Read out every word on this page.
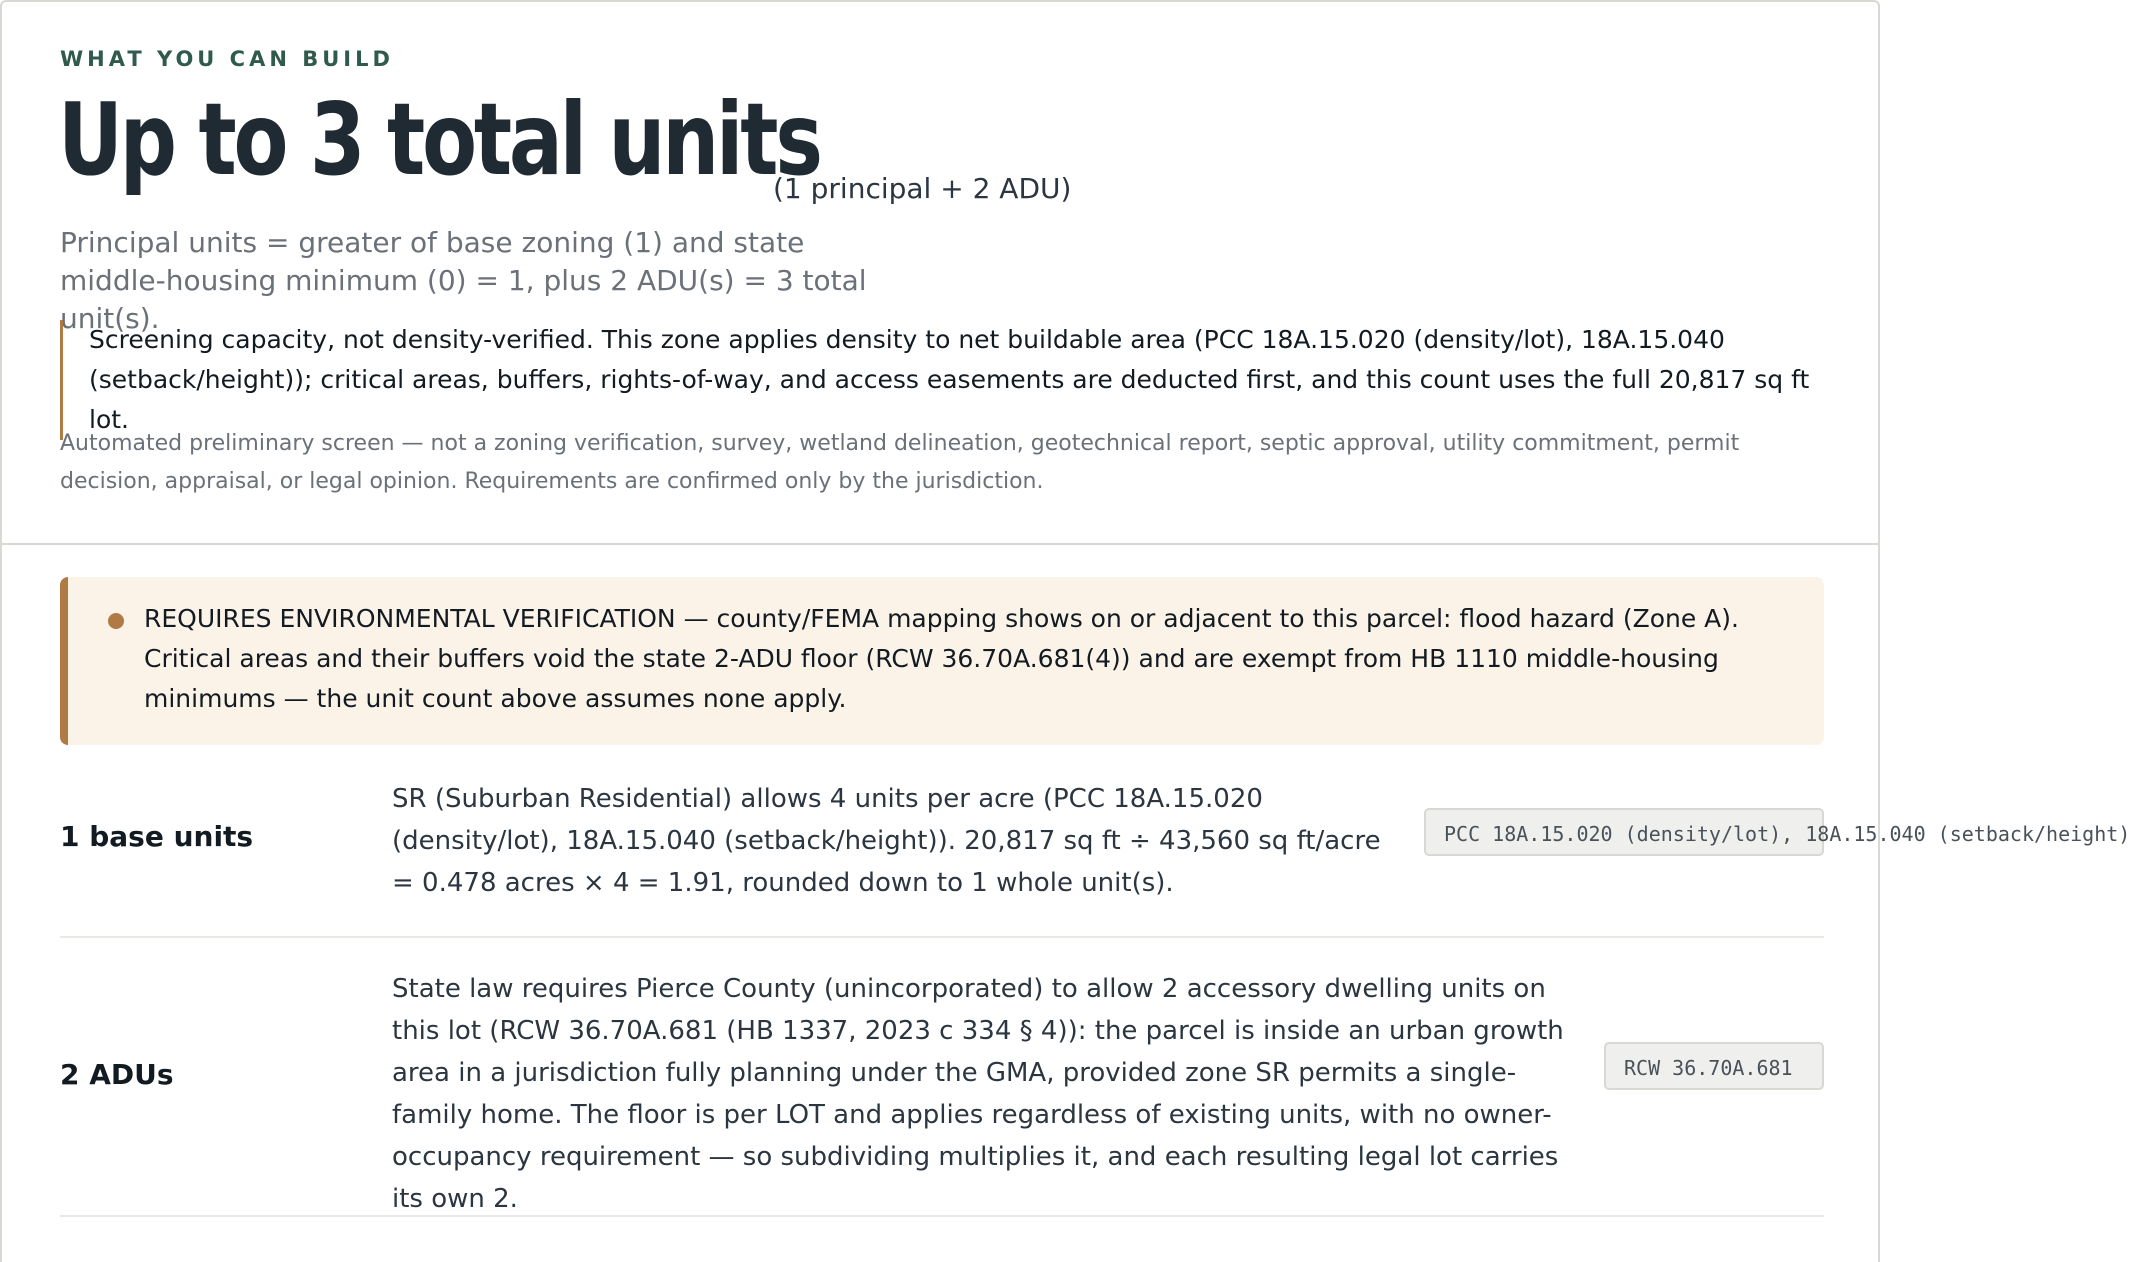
WHAT YOU CAN BUILD
Up to 3 total units
(1 principal + 2 ADU)
Principal units = greater of base zoning (1) and state middle-housing minimum (0) = 1, plus 2 ADU(s) = 3 total unit(s).
Screening capacity, not density-verified. This zone applies density to net buildable area (PCC 18A.15.020 (density/lot), 18A.15.040 (setback/height)); critical areas, buffers, rights-of-way, and access easements are deducted first, and this count uses the full 20,817 sq ft lot.
Automated preliminary screen — not a zoning verification, survey, wetland delineation, geotechnical report, septic approval, utility commitment, permit decision, appraisal, or legal opinion. Requirements are confirmed only by the jurisdiction.
REQUIRES ENVIRONMENTAL VERIFICATION — county/FEMA mapping shows on or adjacent to this parcel: flood hazard (Zone A). Critical areas and their buffers void the state 2-ADU floor (RCW 36.70A.681(4)) and are exempt from HB 1110 middle-housing minimums — the unit count above assumes none apply.
1 base units
SR (Suburban Residential) allows 4 units per acre (PCC 18A.15.020 (density/lot), 18A.15.040 (setback/height)). 20,817 sq ft ÷ 43,560 sq ft/acre = 0.478 acres × 4 = 1.91, rounded down to 1 whole unit(s).
PCC 18A.15.020 (density/lot), 18A.15.040 (setback/height)
2 ADUs
State law requires Pierce County (unincorporated) to allow 2 accessory dwelling units on this lot (RCW 36.70A.681 (HB 1337, 2023 c 334 § 4)): the parcel is inside an urban growth area in a jurisdiction fully planning under the GMA, provided zone SR permits a single-family home. The floor is per LOT and applies regardless of existing units, with no owner-occupancy requirement — so subdividing multiplies it, and each resulting legal lot carries its own 2.
RCW 36.70A.681
